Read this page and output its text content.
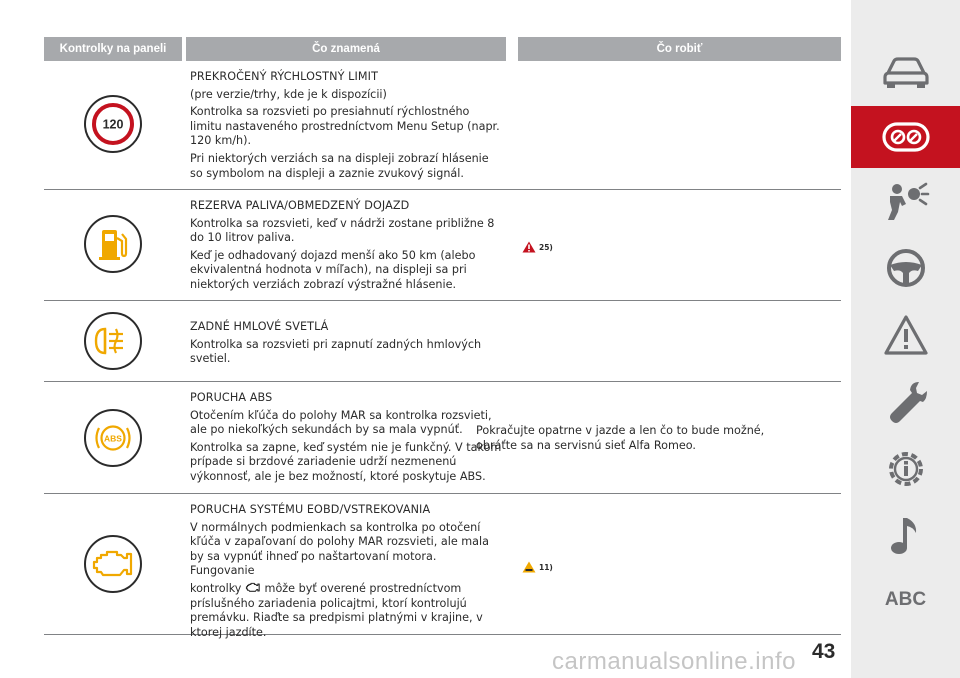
Kontrolky na paneli	Čo znamená	Čo robiť
120
PREKROČENÝ RÝCHLOSTNÝ LIMIT

(pre verzie/trhy, kde je k dispozícii)

Kontrolka sa rozsvieti po presiahnutí rýchlostného limitu nastaveného prostredníctvom Menu Setup (napr. 120 km/h).

Pri niektorých verziách sa na displeji zobrazí hlásenie so symbolom na displeji a zaznie zvukový signál.

REZERVA PALIVA/OBMEDZENÝ DOJAZD

Kontrolka sa rozsvieti, keď v nádrži zostane približne 8 do 10 litrov paliva.

Keď je odhadovaný dojazd menší ako 50 km (alebo ekvivalentná hodnota v míľach), na displeji sa pri niektorých verziách zobrazí výstražné hlásenie.

25)
ZADNÉ HMLOVÉ SVETLÁ

Kontrolka sa rozsvieti pri zapnutí zadných hmlových svetiel.

ABS
PORUCHA ABS

Otočením kľúča do polohy MAR sa kontrolka rozsvieti, ale po niekoľkých sekundách by sa mala vypnúť.

Kontrolka sa zapne, keď systém nie je funkčný. V takom prípade si brzdové zariadenie udrží nezmenenú výkonnosť, ale je bez možností, ktoré poskytuje ABS.

PORUCHA SYSTÉMU EOBD/VSTREKOVANIA

V normálnych podmienkach sa kontrolka po otočení kľúča v zapaľovaní do polohy MAR rozsvieti, ale mala by sa vypnúť ihneď po naštartovaní motora. Fungovanie

kontrolky môže byť overené prostredníctvom príslušného zariadenia policajtmi, ktorí kontrolujú premávku. Riaďte sa predpismi platnými v krajine, v ktorej jazdíte.

11)
Pokračujte opatrne v jazde a len čo to bude možné, obráťte sa na servisnú sieť Alfa Romeo.
43
ABC
carmanualsonline.info
